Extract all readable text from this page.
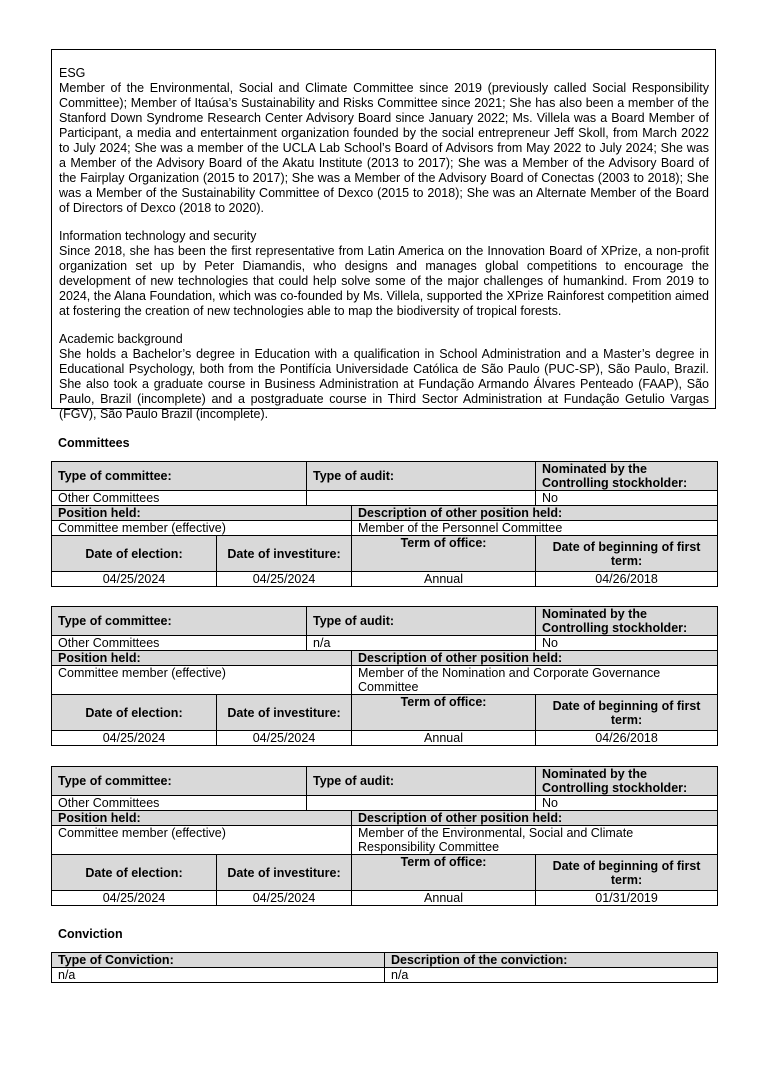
ESG

Member of the Environmental, Social and Climate Committee since 2019 (previously called Social Responsibility Committee); Member of Itaúsa’s Sustainability and Risks Committee since 2021; She has also been a member of the Stanford Down Syndrome Research Center Advisory Board since January 2022; Ms. Villela was a Board Member of Participant, a media and entertainment organization founded by the social entrepreneur Jeff Skoll, from March 2022 to July 2024; She was a member of the UCLA Lab School’s Board of Advisors from May 2022 to July 2024; She was a Member of the Advisory Board of the Akatu Institute (2013 to 2017); She was a Member of the Advisory Board of the Fairplay Organization (2015 to 2017); She was a Member of the Advisory Board of Conectas (2003 to 2018); She was a Member of the Sustainability Committee of Dexco (2015 to 2018); She was an Alternate Member of the Board of Directors of Dexco (2018 to 2020).

Information technology and security

Since 2018, she has been the first representative from Latin America on the Innovation Board of XPrize, a non-profit organization set up by Peter Diamandis, who designs and manages global competitions to encourage the development of new technologies that could help solve some of the major challenges of humankind. From 2019 to 2024, the Alana Foundation, which was co-founded by Ms. Villela, supported the XPrize Rainforest competition aimed at fostering the creation of new technologies able to map the biodiversity of tropical forests.

Academic background

She holds a Bachelor’s degree in Education with a qualification in School Administration and a Master’s degree in Educational Psychology, both from the Pontifícia Universidade Católica de São Paulo (PUC-SP), São Paulo, Brazil. She also took a graduate course in Business Administration at Fundação Armando Álvares Penteado (FAAP), São Paulo, Brazil (incomplete) and a postgraduate course in Third Sector Administration at Fundação Getulio Vargas (FGV), São Paulo Brazil (incomplete).

Committees
Type of committee:		Type of audit:		Nominated by the Controlling stockholder:
Other Committees				No
Position held:			Description of other position held:	
Committee member (effective)			Member of the Personnel Committee	
Date of election:	Date of investiture:		Term of office:	Date of beginning of first term:
04/25/2024	04/25/2024		Annual	04/26/2018
Type of committee:		Type of audit:		Nominated by the Controlling stockholder:
Other Committees		n/a		No
Position held:			Description of other position held:	
Committee member (effective)			Member of the Nomination and Corporate Governance Committee	
Date of election:	Date of investiture:		Term of office:	Date of beginning of first term:
04/25/2024	04/25/2024		Annual	04/26/2018
Type of committee:		Type of audit:		Nominated by the Controlling stockholder:
Other Committees				No
Position held:			Description of other position held:	
Committee member (effective)			Member of the Environmental, Social and Climate Responsibility Committee	
Date of election:	Date of investiture:		Term of office:	Date of beginning of first term:
04/25/2024	04/25/2024		Annual	01/31/2019
Conviction
Type of Conviction:	Description of the conviction:
n/a	n/a
